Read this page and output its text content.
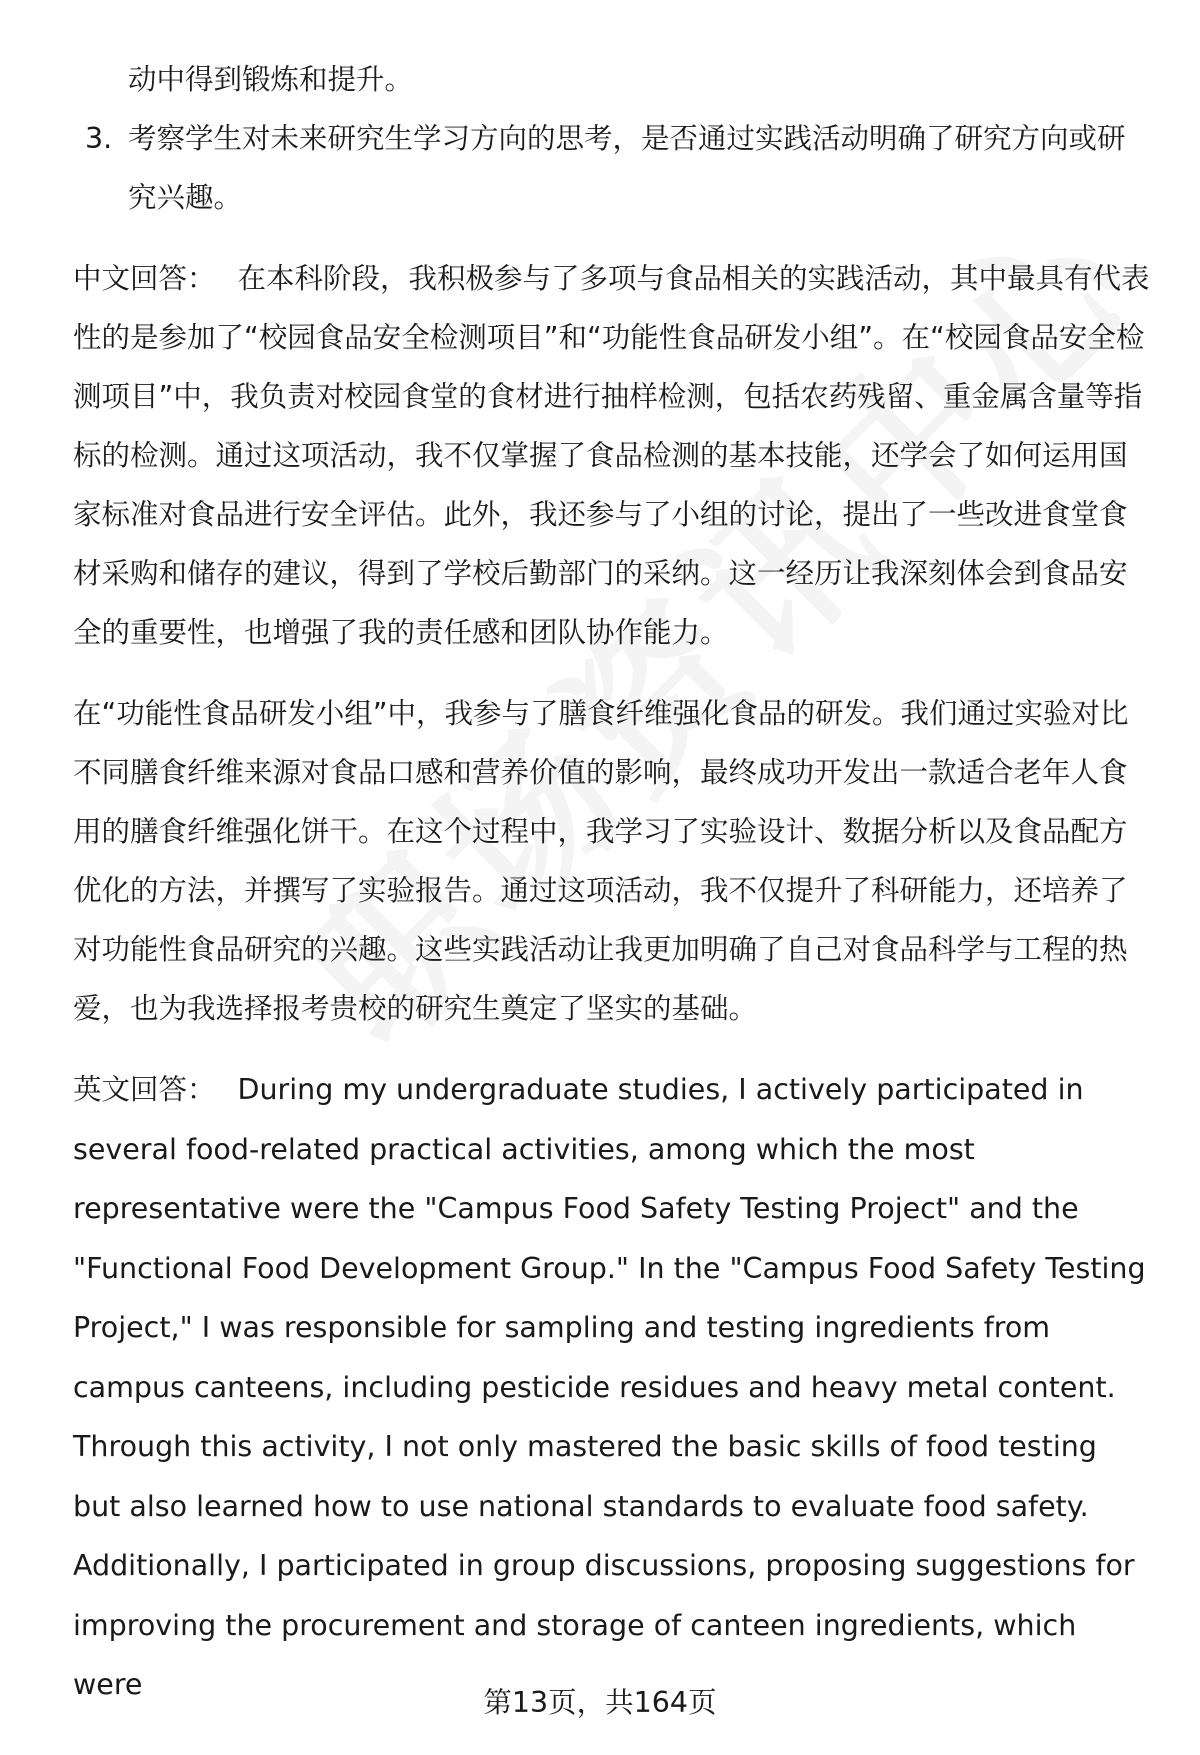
动中得到锻炼和提升。

3. 考察学生对未来研究生学习方向的思考，是否通过实践活动明确了研究方向或研究兴趣。

中文回答： 在本科阶段，我积极参与了多项与食品相关的实践活动，其中最具有代表性的是参加了“校园食品安全检测项目”和“功能性食品研发小组”。在“校园食品安全检测项目”中，我负责对校园食堂的食材进行抽样检测，包括农药残留、重金属含量等指标的检测。通过这项活动，我不仅掌握了食品检测的基本技能，还学会了如何运用国家标准对食品进行安全评估。此外，我还参与了小组的讨论，提出了一些改进食堂食材采购和储存的建议，得到了学校后勤部门的采纳。这一经历让我深刻体会到食品安全的重要性，也增强了我的责任感和团队协作能力。

在“功能性食品研发小组”中，我参与了膳食纤维强化食品的研发。我们通过实验对比不同膳食纤维来源对食品口感和营养价值的影响，最终成功开发出一款适合老年人食用的膳食纤维强化饼干。在这个过程中，我学习了实验设计、数据分析以及食品配方优化的方法，并撰写了实验报告。通过这项活动，我不仅提升了科研能力，还培养了对功能性食品研究的兴趣。这些实践活动让我更加明确了自己对食品科学与工程的热爱，也为我选择报考贵校的研究生奠定了坚实的基础。

英文回答： During my undergraduate studies, I actively participated in several food-related practical activities, among which the most representative were the "Campus Food Safety Testing Project" and the "Functional Food Development Group." In the "Campus Food Safety Testing Project," I was responsible for sampling and testing ingredients from campus canteens, including pesticide residues and heavy metal content. Through this activity, I not only mastered the basic skills of food testing but also learned how to use national standards to evaluate food safety. Additionally, I participated in group discussions, proposing suggestions for improving the procurement and storage of canteen ingredients, which were

第13页，共164页
